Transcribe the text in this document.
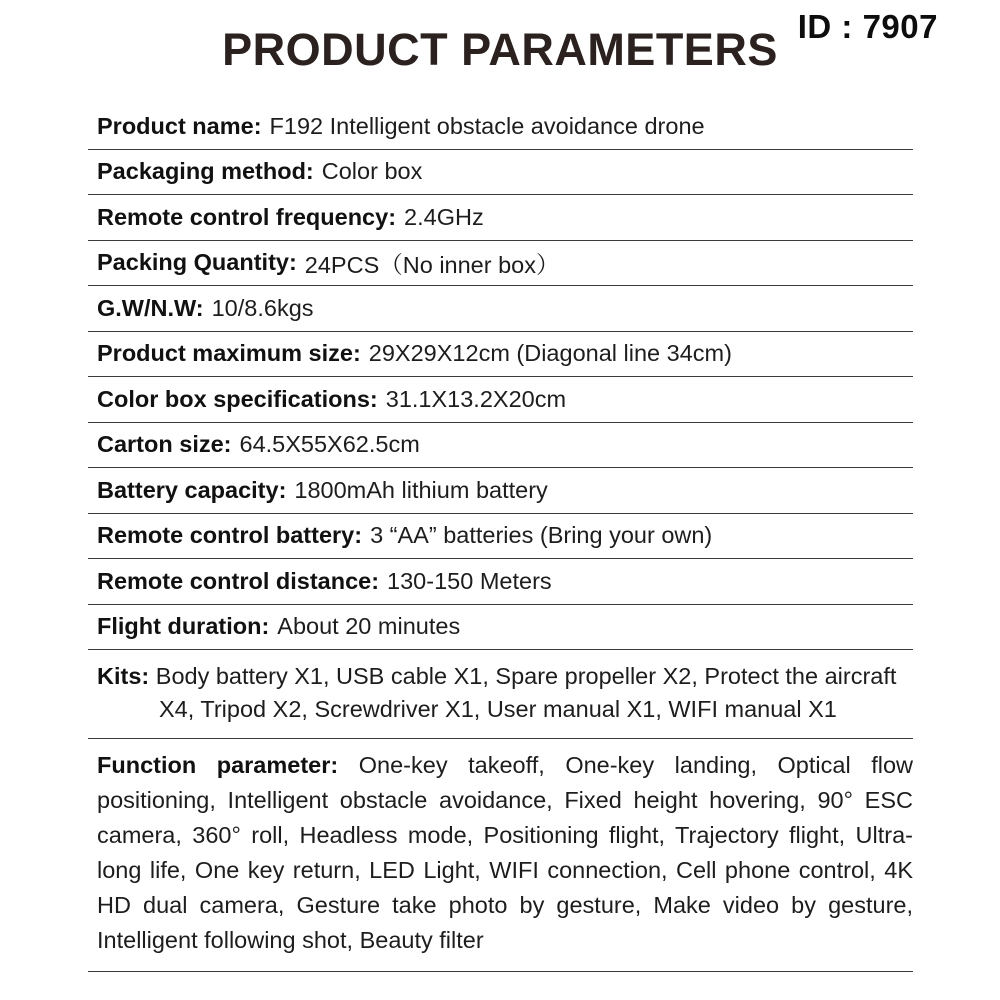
ID : 7907
PRODUCT PARAMETERS
Product name: F192 Intelligent obstacle avoidance drone
Packaging method: Color box
Remote control frequency: 2.4GHz
Packing Quantity: 24PCS（No inner box）
G.W/N.W: 10/8.6kgs
Product maximum size: 29X29X12cm (Diagonal line 34cm)
Color box specifications: 31.1X13.2X20cm
Carton size: 64.5X55X62.5cm
Battery capacity: 1800mAh lithium battery
Remote control battery: 3 “AA” batteries (Bring your own)
Remote control distance: 130-150 Meters
Flight duration: About 20 minutes
Kits: Body battery X1, USB cable X1, Spare propeller X2, Protect the aircraft X4, Tripod X2, Screwdriver X1, User manual X1, WIFI manual X1
Function parameter: One-key takeoff, One-key landing, Optical flow positioning, Intelligent obstacle avoidance, Fixed height hovering, 90° ESC camera, 360° roll, Headless mode, Positioning flight, Trajectory flight, Ultra-long life, One key return, LED Light, WIFI connection, Cell phone control, 4K HD dual camera, Gesture take photo by gesture, Make video by gesture, Intelligent following shot, Beauty filter
